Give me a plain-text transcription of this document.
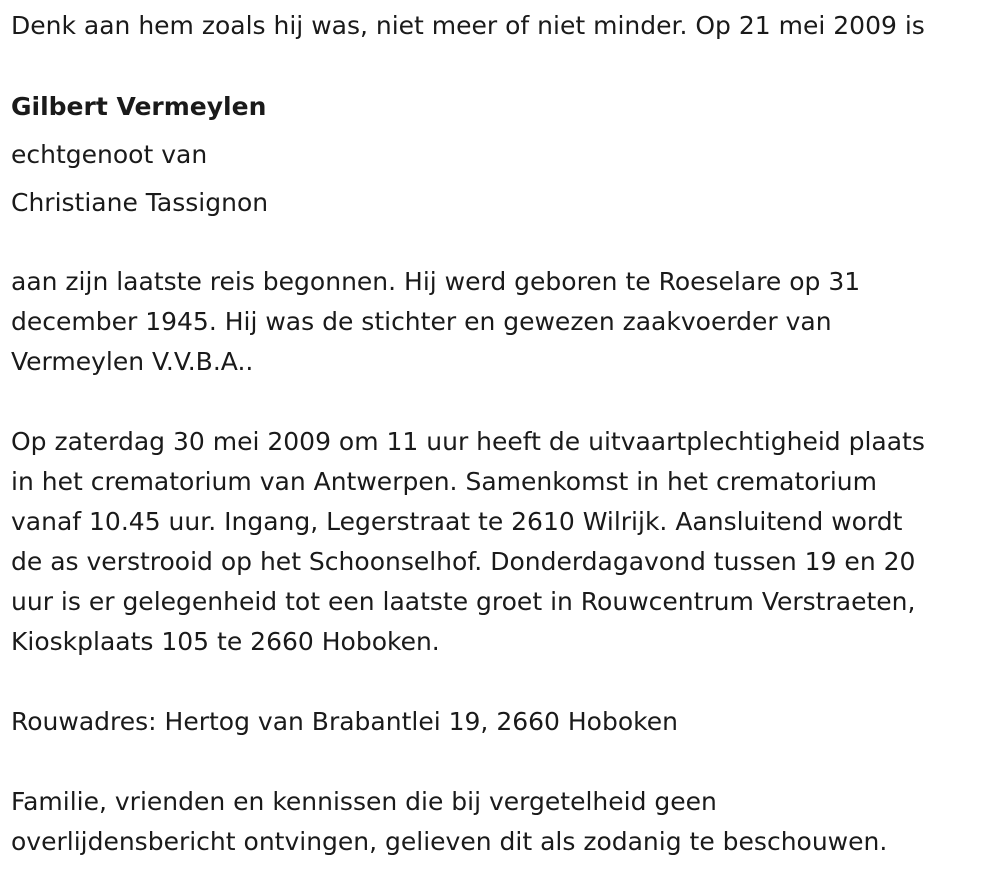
Denk aan hem zoals hij was, niet meer of niet minder. Op 21 mei 2009 is
Gilbert Vermeylen
echtgenoot van
Christiane Tassignon
aan zijn laatste reis begonnen. Hij werd geboren te Roeselare op 31
december 1945. Hij was de stichter en gewezen zaakvoerder van
Vermeylen V.V.B.A..
Op zaterdag 30 mei 2009 om 11 uur heeft de uitvaartplechtigheid plaats
in het crematorium van Antwerpen. Samenkomst in het crematorium
vanaf 10.45 uur. Ingang, Legerstraat te 2610 Wilrijk. Aansluitend wordt
de as verstrooid op het Schoonselhof. Donderdagavond tussen 19 en 20
uur is er gelegenheid tot een laatste groet in Rouwcentrum Verstraeten,
Kioskplaats 105 te 2660 Hoboken.
Rouwadres: Hertog van Brabantlei 19, 2660 Hoboken
Familie, vrienden en kennissen die bij vergetelheid geen
overlijdensbericht ontvingen, gelieven dit als zodanig te beschouwen.
